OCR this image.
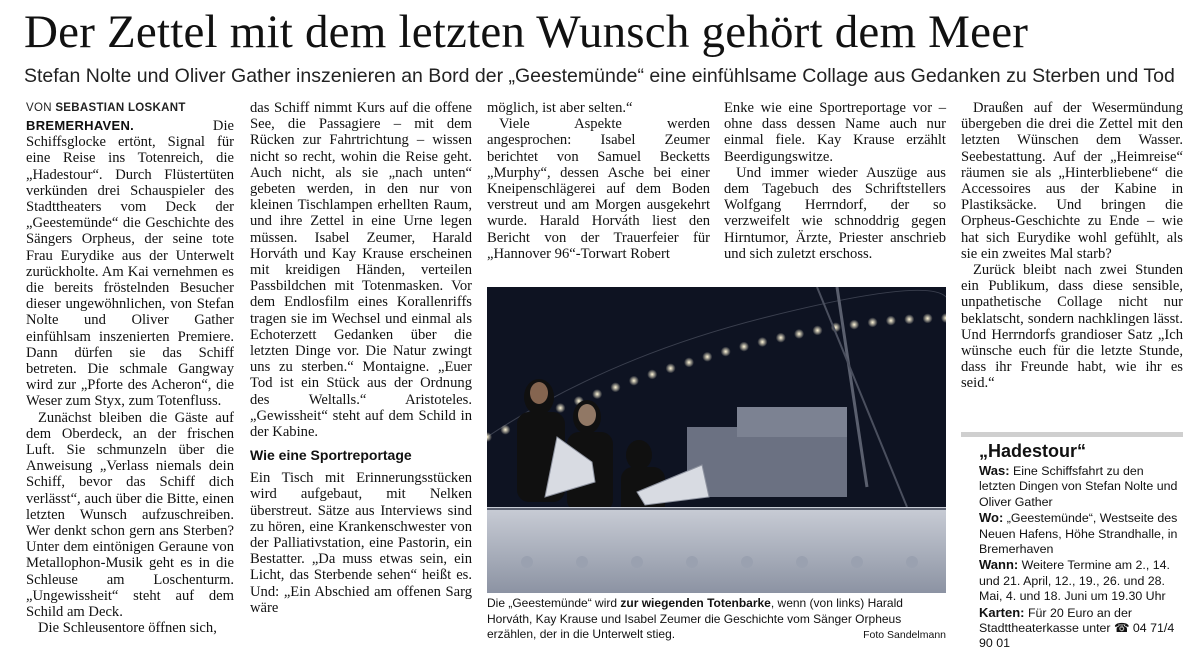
Der Zettel mit dem letzten Wunsch gehört dem Meer
Stefan Nolte und Oliver Gather inszenieren an Bord der „Geestemünde“ eine einfühlsame Collage aus Gedanken zu Sterben und Tod

VON SEBASTIAN LOSKANT

BREMERHAVEN. Die Schiffsglocke ertönt, Signal für eine Reise ins Totenreich, die „Hadestour“. Durch Flüstertüten verkünden drei Schauspieler des Stadttheaters vom Deck der „Geestemünde“ die Geschichte des Sängers Orpheus, der seine tote Frau Eurydike aus der Unterwelt zurückholte. Am Kai vernehmen es die bereits fröstelnden Besucher dieser ungewöhnlichen, von Stefan Nolte und Oliver Gather einfühlsam inszenierten Premiere. Dann dürfen sie das Schiff betreten. Die schmale Gangway wird zur „Pforte des Acheron“, die Weser zum Styx, zum Totenfluss.

Zunächst bleiben die Gäste auf dem Oberdeck, an der frischen Luft. Sie schmunzeln über die Anweisung „Verlass niemals dein Schiff, bevor das Schiff dich verlässt“, auch über die Bitte, einen letzten Wunsch aufzuschreiben. Wer denkt schon gern ans Sterben? Unter dem eintönigen Geraune von Metallophon-Musik geht es in die Schleuse am Loschenturm. „Ungewissheit“ steht auf dem Schild am Deck.

Die Schleusentore öffnen sich,

das Schiff nimmt Kurs auf die offene See, die Passagiere – mit dem Rücken zur Fahrtrichtung – wissen nicht so recht, wohin die Reise geht. Auch nicht, als sie „nach unten“ gebeten werden, in den nur von kleinen Tischlampen erhellten Raum, und ihre Zettel in eine Urne legen müssen. Isabel Zeumer, Harald Horváth und Kay Krause erscheinen mit kreidigen Händen, verteilen Passbildchen mit Totenmasken. Vor dem Endlosfilm eines Korallenriffs tragen sie im Wechsel und einmal als Echoterzett Gedanken über die letzten Dinge vor. Die Natur zwingt uns zu sterben.“ Montaigne. „Euer Tod ist ein Stück aus der Ordnung des Weltalls.“ Aristoteles. „Gewissheit“ steht auf dem Schild in der Kabine.

Wie eine Sportreportage

Ein Tisch mit Erinnerungsstücken wird aufgebaut, mit Nelken überstreut. Sätze aus Interviews sind zu hören, eine Krankenschwester von der Palliativstation, eine Pastorin, ein Bestatter. „Da muss etwas sein, ein Licht, das Sterbende sehen“ heißt es. Und: „Ein Abschied am offenen Sarg wäre

möglich, ist aber selten.“

Viele Aspekte werden angesprochen: Isabel Zeumer berichtet von Samuel Becketts „Murphy“, dessen Asche bei einer Kneipenschlägerei auf dem Boden verstreut und am Morgen ausgekehrt wurde. Harald Horváth liest den Bericht von der Trauerfeier für „Hannover 96“-Torwart Robert

Enke wie eine Sportreportage vor – ohne dass dessen Name auch nur einmal fiele. Kay Krause erzählt Beerdigungswitze.

Und immer wieder Auszüge aus dem Tagebuch des Schriftstellers Wolfgang Herrndorf, der so verzweifelt wie schnoddrig gegen Hirntumor, Ärzte, Priester anschrieb und sich zuletzt erschoss.

Draußen auf der Wesermündung übergeben die drei die Zettel mit den letzten Wünschen dem Wasser. Seebestattung. Auf der „Heimreise“ räumen sie als „Hinterbliebene“ die Accessoires aus der Kabine in Plastiksäcke. Und bringen die Orpheus-Geschichte zu Ende – wie hat sich Eurydike wohl gefühlt, als sie ein zweites Mal starb?

Zurück bleibt nach zwei Stunden ein Publikum, dass diese sensible, unpathetische Collage nicht nur beklatscht, sondern nachklingen lässt. Und Herrndorfs grandioser Satz „Ich wünsche euch für die letzte Stunde, dass ihr Freunde habt, wie ihr es seid.“

Die „Geestemünde“ wird zur wiegenden Totenbarke, wenn (von links) Harald Horváth, Kay Krause und Isabel Zeumer die Geschichte vom Sänger Orpheus erzählen, der in die Unterwelt stieg.	Foto Sandelmann
„Hadestour“

Was: Eine Schiffsfahrt zu den letzten Dingen von Stefan Nolte und Oliver Gather

Wo: „Geestemünde“, Westseite des Neuen Hafens, Höhe Strandhalle, in Bremerhaven

Wann: Weitere Termine am 2., 14. und 21. April, 12., 19., 26. und 28. Mai, 4. und 18. Juni um 19.30 Uhr

Karten: Für 20 Euro an der Stadttheaterkasse unter ☎ 04 71/4 90 01
